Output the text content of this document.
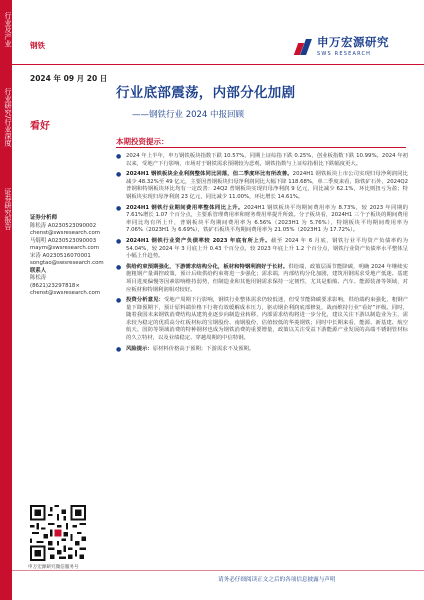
行业及产业
行业研究/行业深度
证券研究报告
钢铁	申万宏源研究
SWS RESEARCH
2024 年 09 月 20 日
看好
行业底部震荡，内部分化加剧
——钢铁行业 2024 中报回顾
本期投资提示：
证券分析师
陈松涛 A0230523090002
chenst@swsresearch.com
马焜明 A0230523090003
maym@swsresearch.com
宋涛 A0230516070001
songtao@swsresearch.com
联系人
陈松涛
(8621)23297818×
chenst@swsresearch.com
● 2024 年上半年，申万钢铁板块指数下跌 10.57%，同期上证综指下跌 0.25%，创业板指数下跌 10.99%。2024 年初以来，受地产下行影响，市场对于钢铁需求预期较为悲观，钢铁指数与上证综指相比下跌幅度更大。
● 2024H1 钢铁板块企业利润整体同比回落，但二季度环比有所改善。2024H1 钢铁板块上市公司实现归母净利润同比减少 48.32%至 49 亿元，主要因普钢板块归母净利润同比大幅下降 118.68%，单二季度来看，除铁矿石外，2024Q2 普钢和特钢板块环比均有一定改善：24Q2 普钢板块实现归母净利润 9 亿元，同比减少 62.1%，环比则扭亏为盈；特钢板块实现归母净利润 23 亿元，同比减少 11.00%，环比增长 14.61%。
● 2024H1 钢铁行业期间费用率整体同比上升。2024H1 钢铁板块平均期间费用率为 8.73%，较 2023 年同期的 7.61%增长 1.07 个百分点，主要系管理费用率和财务费用率提升所致。分子板块看，2024H1 三个子板块的期间费用率同比均有所上升，普钢板块平均期间费用率为 6.56%（2023H1 为 5.76%），特钢板块平均期间费用率为 7.06%（2023H1 为 6.69%），铁矿石板块平均期间费用率为 21.05%（2023H1 为 17.72%）。
● 2024H1 钢铁行业资产负债率较 2023 年底有所上升。截至 2024 年 6 月底，钢铁行业平均资产负债率约为 54.04%，较 2024 年 3 月底上升 0.43 个百分点，较 2023 年底上升 1.2 个百分点，钢铁行业资产负债率水平整体呈小幅上升趋势。
● 供给约束预期强化，下游需求结构分化，板材和特钢利润好于长材。供给端，政策层面节能降碳，明确 2024 年继续实施粗钢产量调控政策，预计后续供给约束将进一步强化；需求端，内部结构分化加剧，建筑用钢需求受地产低迷、基建项目进度偏慢等因素影响维持弱势，但制造业和其他用钢需求保持一定韧性，尤其是船舶、汽车、能源装备等领域，对应板材和特钢利润相对较好。
● 投资分析意见：受地产周期下行影响，钢铁行业整体需求仍较低迷，但受节能降碳要求影响，供给端约束强化，粗钢产量下降预期下，预计原料端价格下行将有效缓解成本压力，驱动钢企利润底部修复，战而维持行业“看好”评级。同时，随着我国未来钢铁消费结构从建筑业逐步向制造业转移，内部需求结构将进一步分化，建议关注下游以制造业为主，需求较为稳定的优质高分红板材标的宝钢股份、南钢股份，估值较低的华菱钢铁；同时中长期来看，能源、新基建、航空航天、国防等领域消费的特种钢材也成为钢铁消费的重要增量，政策以关注受益下游能源产业发展的高端不锈钢管材标的久立特材，以及业绩稳定、穿越周期的中信特钢。
● 风险提示：原材料价格高于预期；下游需求不及预期。
申万宏源研究微信服务号
请务必仔细阅读正文之后的各项信息披露与声明
